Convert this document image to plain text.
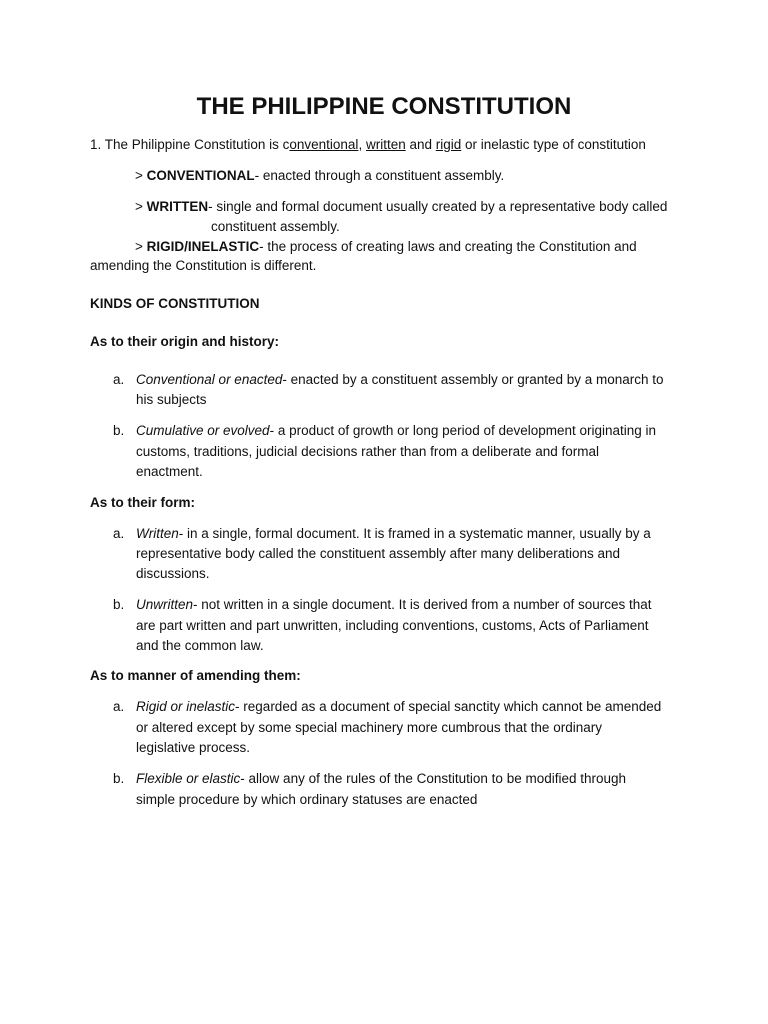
THE PHILIPPINE CONSTITUTION
1. The Philippine Constitution is conventional, written and rigid or inelastic type of constitution
> CONVENTIONAL- enacted through a constituent assembly.
> WRITTEN- single and formal document usually created by a representative body called
constituent assembly.
> RIGID/INELASTIC- the process of creating laws and creating the Constitution and
amending the Constitution is different.
KINDS OF CONSTITUTION
As to their origin and history:
a. Conventional or enacted- enacted by a constituent assembly or granted by a monarch to
his subjects
b. Cumulative or evolved- a product of growth or long period of development originating in
customs, traditions, judicial decisions rather than from a deliberate and formal
enactment.
As to their form:
a. Written- in a single, formal document. It is framed in a systematic manner, usually by a
representative body called the constituent assembly after many deliberations and
discussions.
b. Unwritten- not written in a single document. It is derived from a number of sources that
are part written and part unwritten, including conventions, customs, Acts of Parliament
and the common law.
As to manner of amending them:
a. Rigid or inelastic- regarded as a document of special sanctity which cannot be amended
or altered except by some special machinery more cumbrous that the ordinary
legislative process.
b. Flexible or elastic- allow any of the rules of the Constitution to be modified through
simple procedure by which ordinary statuses are enacted
